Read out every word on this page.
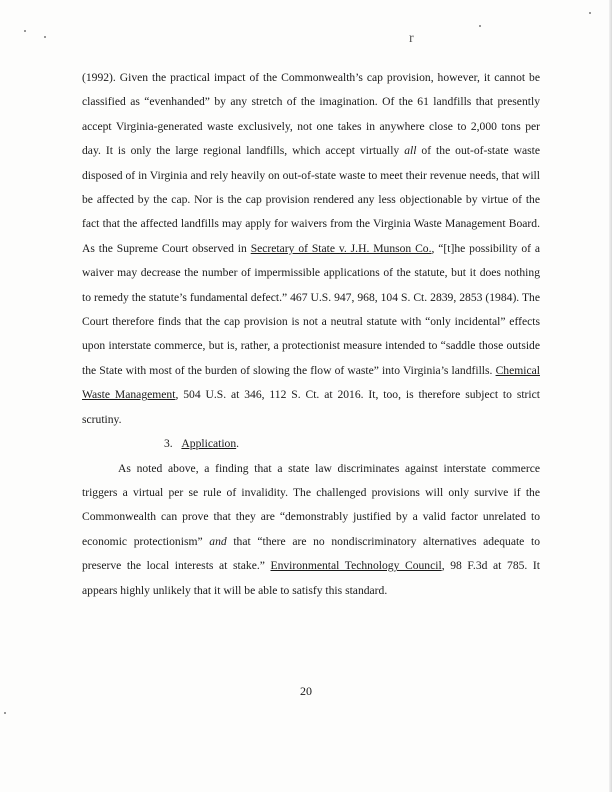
r

(1992). Given the practical impact of the Commonwealth’s cap provision, however, it cannot be classified as “evenhanded” by any stretch of the imagination. Of the 61 landfills that presently accept Virginia-generated waste exclusively, not one takes in anywhere close to 2,000 tons per day. It is only the large regional landfills, which accept virtually all of the out-of-state waste disposed of in Virginia and rely heavily on out-of-state waste to meet their revenue needs, that will be affected by the cap. Nor is the cap provision rendered any less objectionable by virtue of the fact that the affected landfills may apply for waivers from the Virginia Waste Management Board. As the Supreme Court observed in Secretary of State v. J.H. Munson Co., “[t]he possibility of a waiver may decrease the number of impermissible applications of the statute, but it does nothing to remedy the statute’s fundamental defect.” 467 U.S. 947, 968, 104 S. Ct. 2839, 2853 (1984). The Court therefore finds that the cap provision is not a neutral statute with “only incidental” effects upon interstate commerce, but is, rather, a protectionist measure intended to “saddle those outside the State with most of the burden of slowing the flow of waste” into Virginia’s landfills. Chemical Waste Management, 504 U.S. at 346, 112 S. Ct. at 2016. It, too, is therefore subject to strict scrutiny.

3. Application.

As noted above, a finding that a state law discriminates against interstate commerce triggers a virtual per se rule of invalidity. The challenged provisions will only survive if the Commonwealth can prove that they are “demonstrably justified by a valid factor unrelated to economic protectionism” and that “there are no nondiscriminatory alternatives adequate to preserve the local interests at stake.” Environmental Technology Council, 98 F.3d at 785. It appears highly unlikely that it will be able to satisfy this standard.

20
